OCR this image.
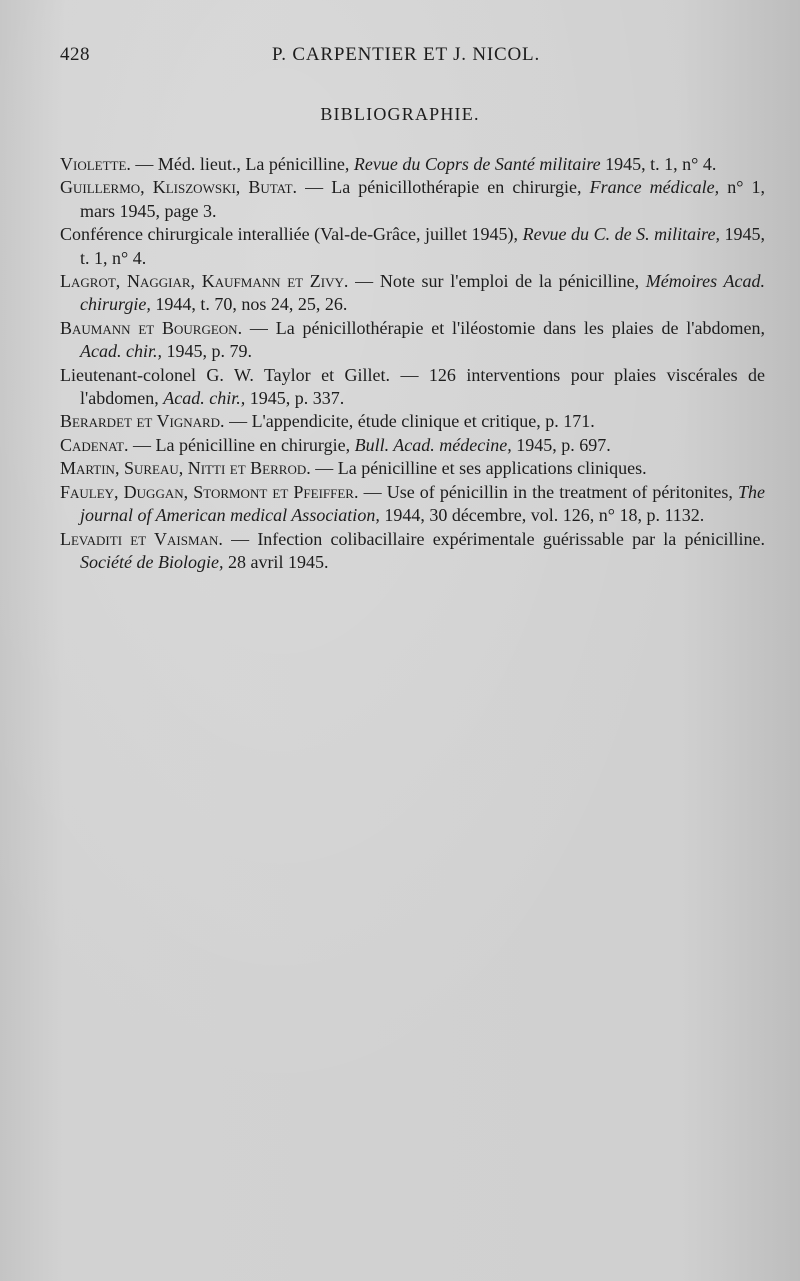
428	P. CARPENTIER ET J. NICOL.
BIBLIOGRAPHIE.

Violette. — Méd. lieut., La pénicilline, Revue du Coprs de Santé militaire 1945, t. 1, n° 4.

Guillermo, Kliszowski, Butat. — La pénicillothérapie en chirurgie, France médicale, n° 1, mars 1945, page 3.

Conférence chirurgicale interalliée (Val-de-Grâce, juillet 1945), Revue du C. de S. militaire, 1945, t. 1, n° 4.

Lagrot, Naggiar, Kaufmann et Zivy. — Note sur l'emploi de la pénicilline, Mémoires Acad. chirurgie, 1944, t. 70, nos 24, 25, 26.

Baumann et Bourgeon. — La pénicillothérapie et l'iléostomie dans les plaies de l'abdomen, Acad. chir., 1945, p. 79.

Lieutenant-colonel G. W. Taylor et Gillet. — 126 interventions pour plaies viscérales de l'abdomen, Acad. chir., 1945, p. 337.

Berardet et Vignard. — L'appendicite, étude clinique et critique, p. 171.

Cadenat. — La pénicilline en chirurgie, Bull. Acad. médecine, 1945, p. 697.

Martin, Sureau, Nitti et Berrod. — La pénicilline et ses applications cliniques.

Fauley, Duggan, Stormont et Pfeiffer. — Use of pénicillin in the treatment of péritonites, The journal of American medical Association, 1944, 30 décembre, vol. 126, n° 18, p. 1132.

Levaditi et Vaisman. — Infection colibacillaire expérimentale guérissable par la pénicilline. Société de Biologie, 28 avril 1945.
